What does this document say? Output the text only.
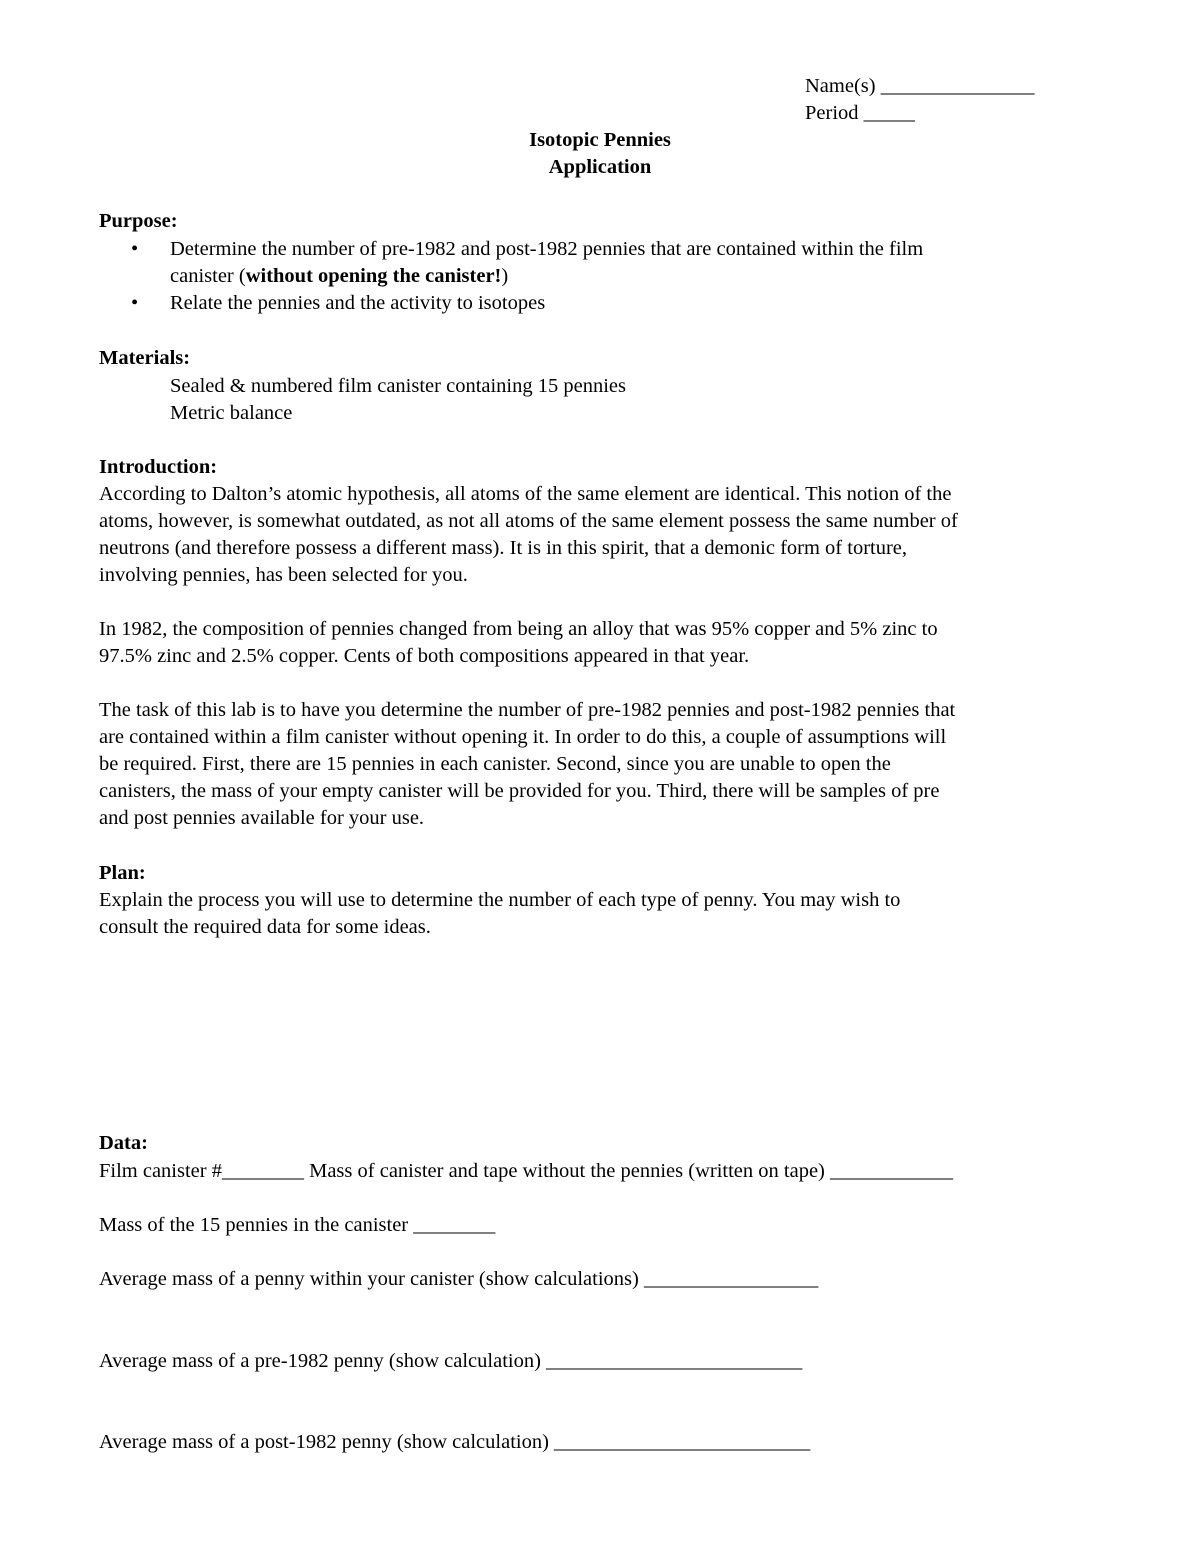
Name(s) _______________
Period _____
Isotopic Pennies
Application
Purpose:
• Determine the number of pre-1982 and post-1982 pennies that are contained within the film
canister (without opening the canister!)
• Relate the pennies and the activity to isotopes
Materials:
Sealed & numbered film canister containing 15 pennies
Metric balance
Introduction:
According to Dalton’s atomic hypothesis, all atoms of the same element are identical. This notion of the
atoms, however, is somewhat outdated, as not all atoms of the same element possess the same number of
neutrons (and therefore possess a different mass). It is in this spirit, that a demonic form of torture,
involving pennies, has been selected for you.
In 1982, the composition of pennies changed from being an alloy that was 95% copper and 5% zinc to
97.5% zinc and 2.5% copper. Cents of both compositions appeared in that year.
The task of this lab is to have you determine the number of pre-1982 pennies and post-1982 pennies that
are contained within a film canister without opening it. In order to do this, a couple of assumptions will
be required. First, there are 15 pennies in each canister. Second, since you are unable to open the
canisters, the mass of your empty canister will be provided for you. Third, there will be samples of pre
and post pennies available for your use.
Plan:
Explain the process you will use to determine the number of each type of penny. You may wish to
consult the required data for some ideas.
Data:
Film canister #________ Mass of canister and tape without the pennies (written on tape) ____________
Mass of the 15 pennies in the canister ________
Average mass of a penny within your canister (show calculations) _________________
Average mass of a pre-1982 penny (show calculation) _________________________
Average mass of a post-1982 penny (show calculation) _________________________
